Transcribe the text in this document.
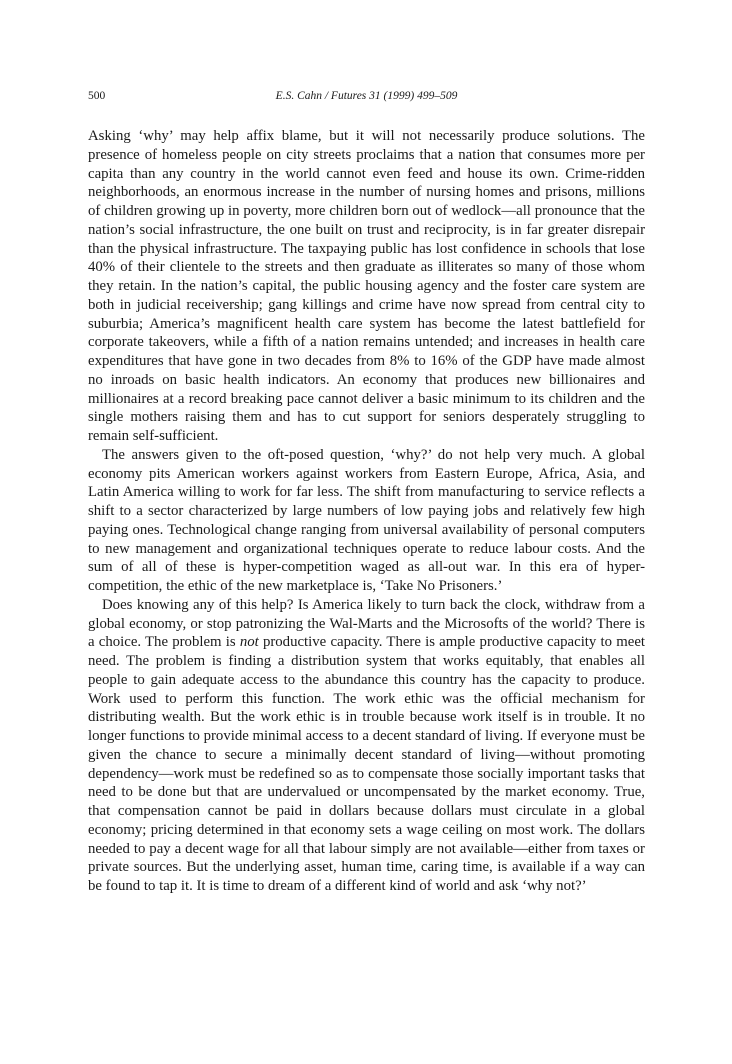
500	E.S. Cahn / Futures 31 (1999) 499–509

Asking ‘why’ may help affix blame, but it will not necessarily produce solutions. The presence of homeless people on city streets proclaims that a nation that consumes more per capita than any country in the world cannot even feed and house its own. Crime-ridden neighborhoods, an enormous increase in the number of nursing homes and prisons, millions of children growing up in poverty, more children born out of wedlock—all pronounce that the nation’s social infrastructure, the one built on trust and reciprocity, is in far greater disrepair than the physical infrastructure. The taxpaying public has lost confidence in schools that lose 40% of their clientele to the streets and then graduate as illiterates so many of those whom they retain. In the nation’s capital, the public housing agency and the foster care system are both in judicial receivership; gang killings and crime have now spread from central city to suburbia; America’s magnificent health care system has become the latest battlefield for corporate takeovers, while a fifth of a nation remains untended; and increases in health care expenditures that have gone in two decades from 8% to 16% of the GDP have made almost no inroads on basic health indicators. An economy that produces new billionaires and millionaires at a record breaking pace cannot deliver a basic minimum to its children and the single mothers raising them and has to cut support for seniors desperately struggling to remain self-sufficient.

The answers given to the oft-posed question, ‘why?’ do not help very much. A global economy pits American workers against workers from Eastern Europe, Africa, Asia, and Latin America willing to work for far less. The shift from manufacturing to service reflects a shift to a sector characterized by large numbers of low paying jobs and relatively few high paying ones. Technological change ranging from universal availability of personal computers to new management and organizational techniques operate to reduce labour costs. And the sum of all of these is hyper-competition waged as all-out war. In this era of hyper-competition, the ethic of the new marketplace is, ‘Take No Prisoners.’

Does knowing any of this help? Is America likely to turn back the clock, withdraw from a global economy, or stop patronizing the Wal-Marts and the Microsofts of the world? There is a choice. The problem is not productive capacity. There is ample productive capacity to meet need. The problem is finding a distribution system that works equitably, that enables all people to gain adequate access to the abundance this country has the capacity to produce. Work used to perform this function. The work ethic was the official mechanism for distributing wealth. But the work ethic is in trouble because work itself is in trouble. It no longer functions to provide minimal access to a decent standard of living. If everyone must be given the chance to secure a minimally decent standard of living—without promoting dependency—work must be redefined so as to compensate those socially important tasks that need to be done but that are undervalued or uncompensated by the market economy. True, that compensation cannot be paid in dollars because dollars must circulate in a global economy; pricing determined in that economy sets a wage ceiling on most work. The dollars needed to pay a decent wage for all that labour simply are not available—either from taxes or private sources. But the underlying asset, human time, caring time, is available if a way can be found to tap it. It is time to dream of a different kind of world and ask ‘why not?’
